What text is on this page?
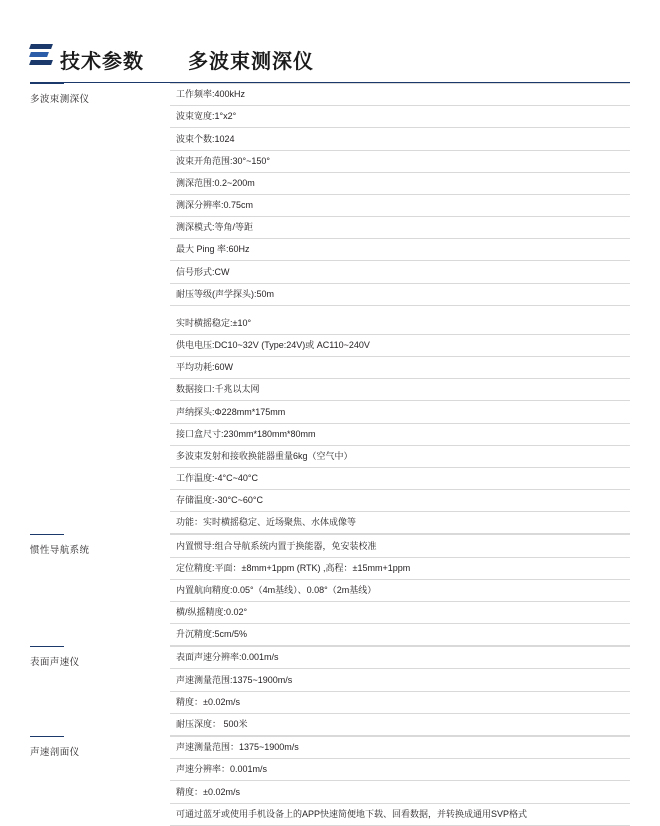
技术参数 多波束测深仪
多波束测深仪
		工作频率:400kHz
波束宽度:1°x2°
波束个数:1024
波束开角范围:30°~150°
测深范围:0.2~200m
测深分辨率:0.75cm
测深模式:等角/等距
最大 Ping 率:60Hz
信号形式:CW
耐压等级(声学探头):50m

实时横摇稳定:±10°
供电电压:DC10~32V (Type:24V)或 AC110~240V
平均功耗:60W
数据接口:千兆以太网
声纳探头:Φ228mm*175mm
接口盒尺寸:230mm*180mm*80mm
多波束发射和接收换能器重量6kg（空气中）
工作温度:-4°C~40°C
存储温度:-30°C~60°C
功能：实时横摇稳定、近场聚焦、水体成像等

惯性导航系统
		内置惯导:组合导航系统内置于换能器，免安装校准
定位精度:平面：±8mm+1ppm (RTK) ,高程：±15mm+1ppm
内置航向精度:0.05°（4m基线）、0.08°（2m基线）
横/纵摇精度:0.02°
升沉精度:5cm/5%

表面声速仪
		表面声速分辨率:0.001m/s
声速测量范围:1375~1900m/s
精度：±0.02m/s
耐压深度： 500米

声速剖面仪
		声速测量范围：1375~1900m/s
声速分辨率：0.001m/s
精度：±0.02m/s
可通过蓝牙或使用手机设备上的APP快速简便地下载、回看数据，并转换成通用SVP格式
